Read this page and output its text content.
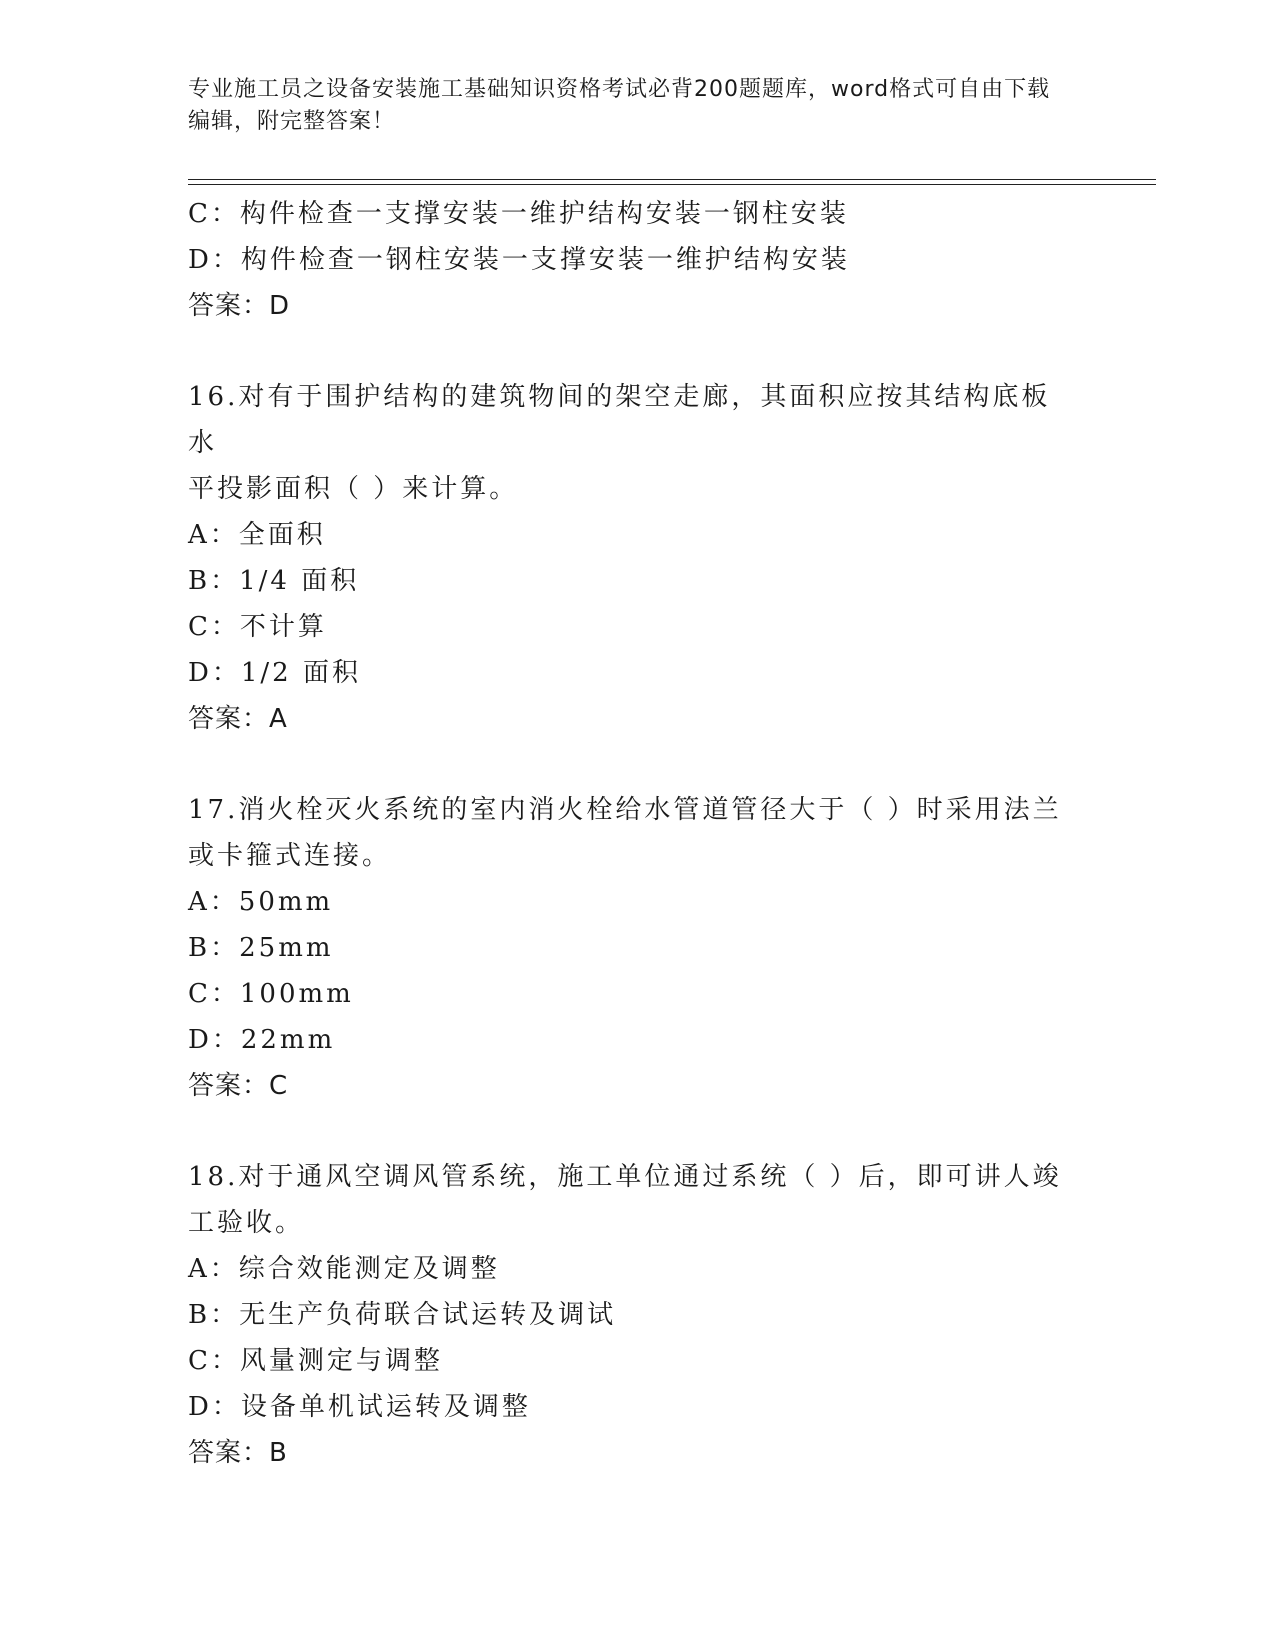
专业施工员之设备安装施工基础知识资格考试必背200题题库，word格式可自由下载编辑，附完整答案！
C：构件检查一支撑安装一维护结构安装一钢柱安装
D：构件检查一钢柱安装一支撑安装一维护结构安装
答案：D
16.对有于围护结构的建筑物间的架空走廊，其面积应按其结构底板水
平投影面积（ ）来计算。
A：全面积
B：1/4 面积
C：不计算
D：1/2 面积
答案：A
17.消火栓灭火系统的室内消火栓给水管道管径大于（ ）时采用法兰
或卡箍式连接。
A：50mm
B：25mm
C：100mm
D：22mm
答案：C
18.对于通风空调风管系统，施工单位通过系统（ ）后，即可讲人竣
工验收。
A：综合效能测定及调整
B：无生产负荷联合试运转及调试
C：风量测定与调整
D：设备单机试运转及调整
答案：B
